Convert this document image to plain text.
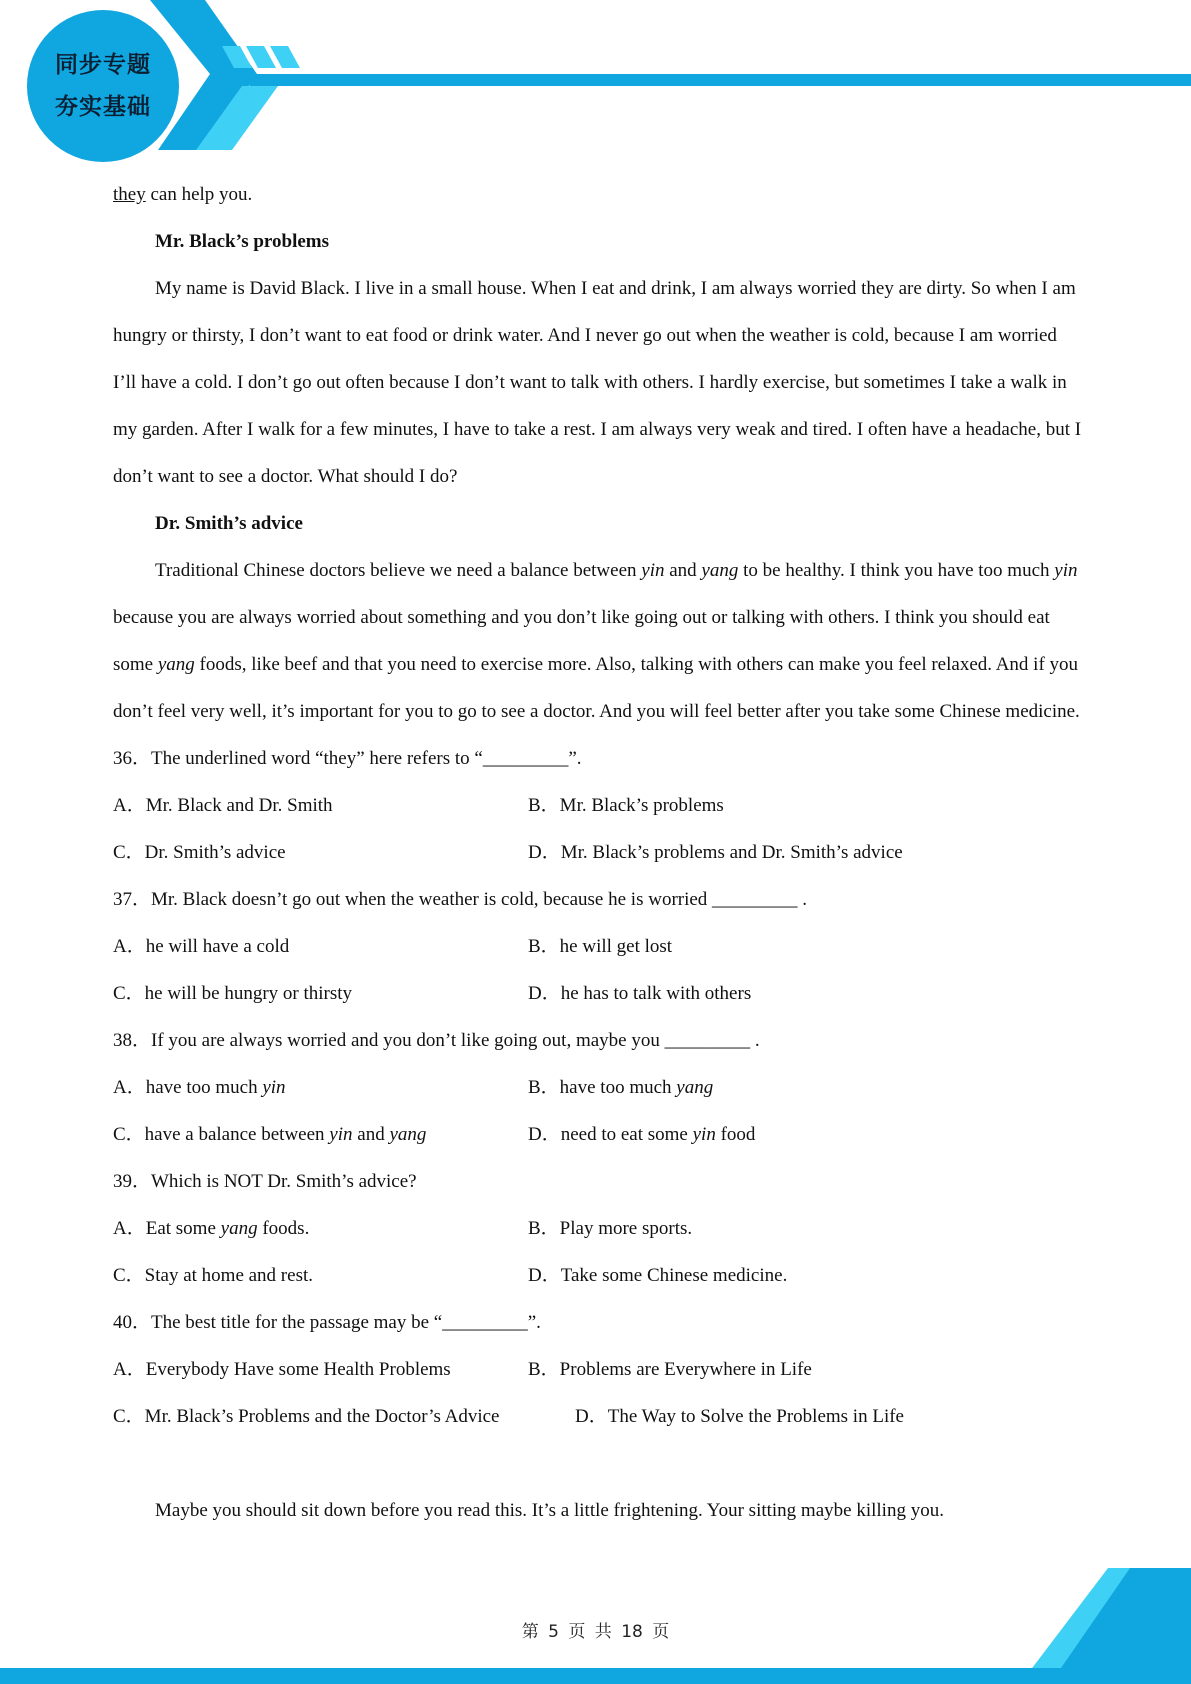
同步专题
夯实基础

they can help you.

Mr. Black’s problems

My name is David Black. I live in a small house. When I eat and drink, I am always worried they are dirty. So when I am hungry or thirsty, I don’t want to eat food or drink water. And I never go out when the weather is cold, because I am worried I’ll have a cold. I don’t go out often because I don’t want to talk with others. I hardly exercise, but sometimes I take a walk in my garden. After I walk for a few minutes, I have to take a rest. I am always very weak and tired. I often have a headache, but I don’t want to see a doctor. What should I do?

Dr. Smith’s advice

Traditional Chinese doctors believe we need a balance between yin and yang to be healthy. I think you have too much yin because you are always worried about something and you don’t like going out or talking with others. I think you should eat some yang foods, like beef and that you need to exercise more. Also, talking with others can make you feel relaxed. And if you don’t feel very well, it’s important for you to go to see a doctor. And you will feel better after you take some Chinese medicine.

36．The underlined word “they” here refers to “_________”.

A．Mr. Black and Dr. Smith	B．Mr. Black’s problems
C．Dr. Smith’s advice	D．Mr. Black’s problems and Dr. Smith’s advice

37．Mr. Black doesn’t go out when the weather is cold, because he is worried _________ .

A．he will have a cold	B．he will get lost
C．he will be hungry or thirsty	D．he has to talk with others

38．If you are always worried and you don’t like going out, maybe you _________ .

A．have too much yin	B．have too much yang
C．have a balance between yin and yang	D．need to eat some yin food

39．Which is NOT Dr. Smith’s advice?

A．Eat some yang foods.	B．Play more sports.
C．Stay at home and rest.	D．Take some Chinese medicine.

40．The best title for the passage may be “_________”.

A．Everybody Have some Health Problems	B．Problems are Everywhere in Life
C．Mr. Black’s Problems and the Doctor’s Advice	D．The Way to Solve the Problems in Life

Maybe you should sit down before you read this. It’s a little frightening. Your sitting maybe killing you.

第 5 页 共 18 页
